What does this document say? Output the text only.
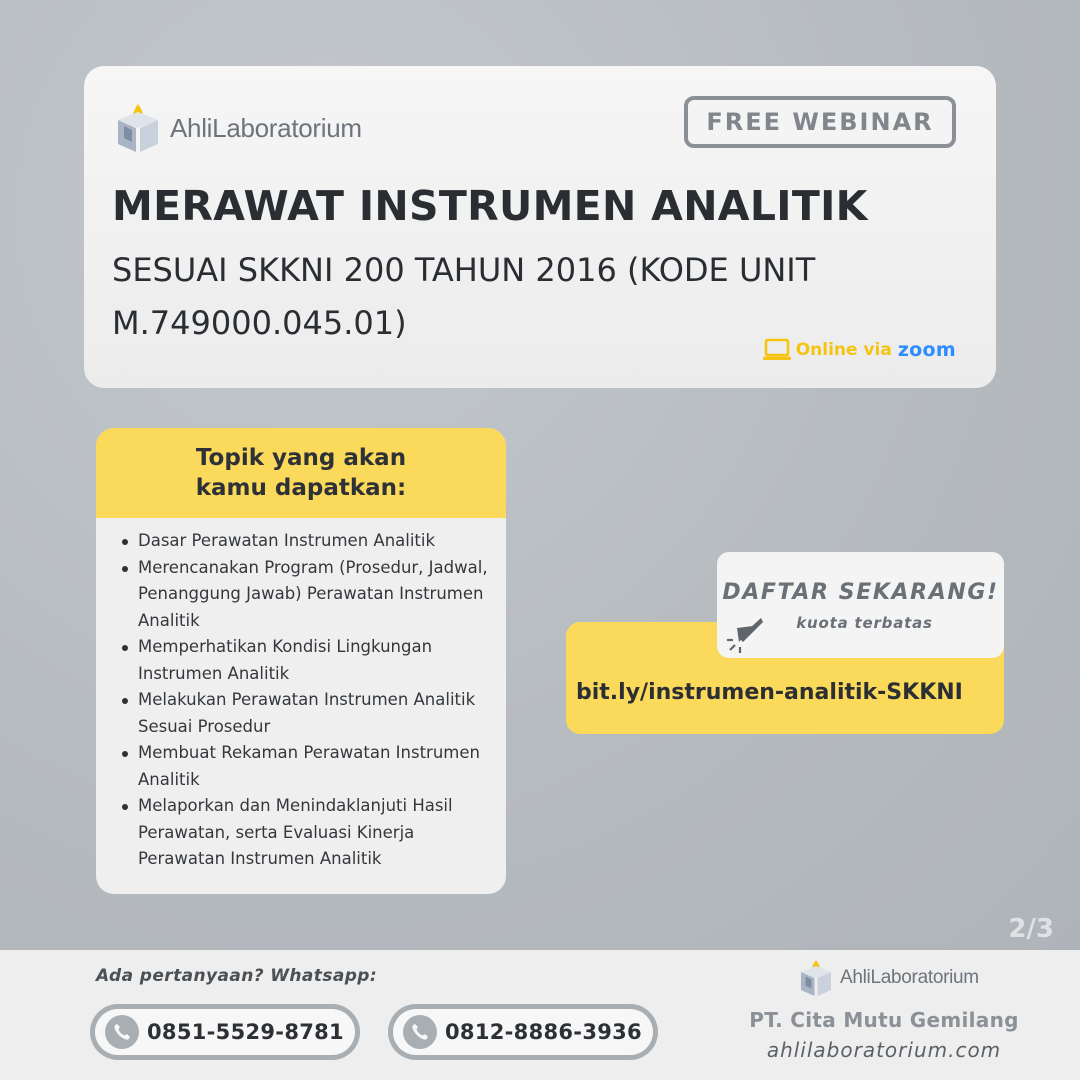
AhliLaboratorium	FREE WEBINAR
MERAWAT INSTRUMEN ANALITIK
SESUAI SKKNI 200 TAHUN 2016 (KODE UNIT M.749000.045.01)
Online via zoom
Topik yang akan kamu dapatkan:
Dasar Perawatan Instrumen Analitik
Merencanakan Program (Prosedur, Jadwal, Penanggung Jawab) Perawatan Instrumen Analitik
Memperhatikan Kondisi Lingkungan Instrumen Analitik
Melakukan Perawatan Instrumen Analitik Sesuai Prosedur
Membuat Rekaman Perawatan Instrumen Analitik
Melaporkan dan Menindaklanjuti Hasil Perawatan, serta Evaluasi Kinerja Perawatan Instrumen Analitik
bit.ly/instrumen-analitik-SKKNI
DAFTAR SEKARANG!
kuota terbatas
2/3
Ada pertanyaan? Whatsapp:
0851-5529-8781	0812-8886-3936
AhliLaboratorium
PT. Cita Mutu Gemilang
ahlilaboratorium.com
